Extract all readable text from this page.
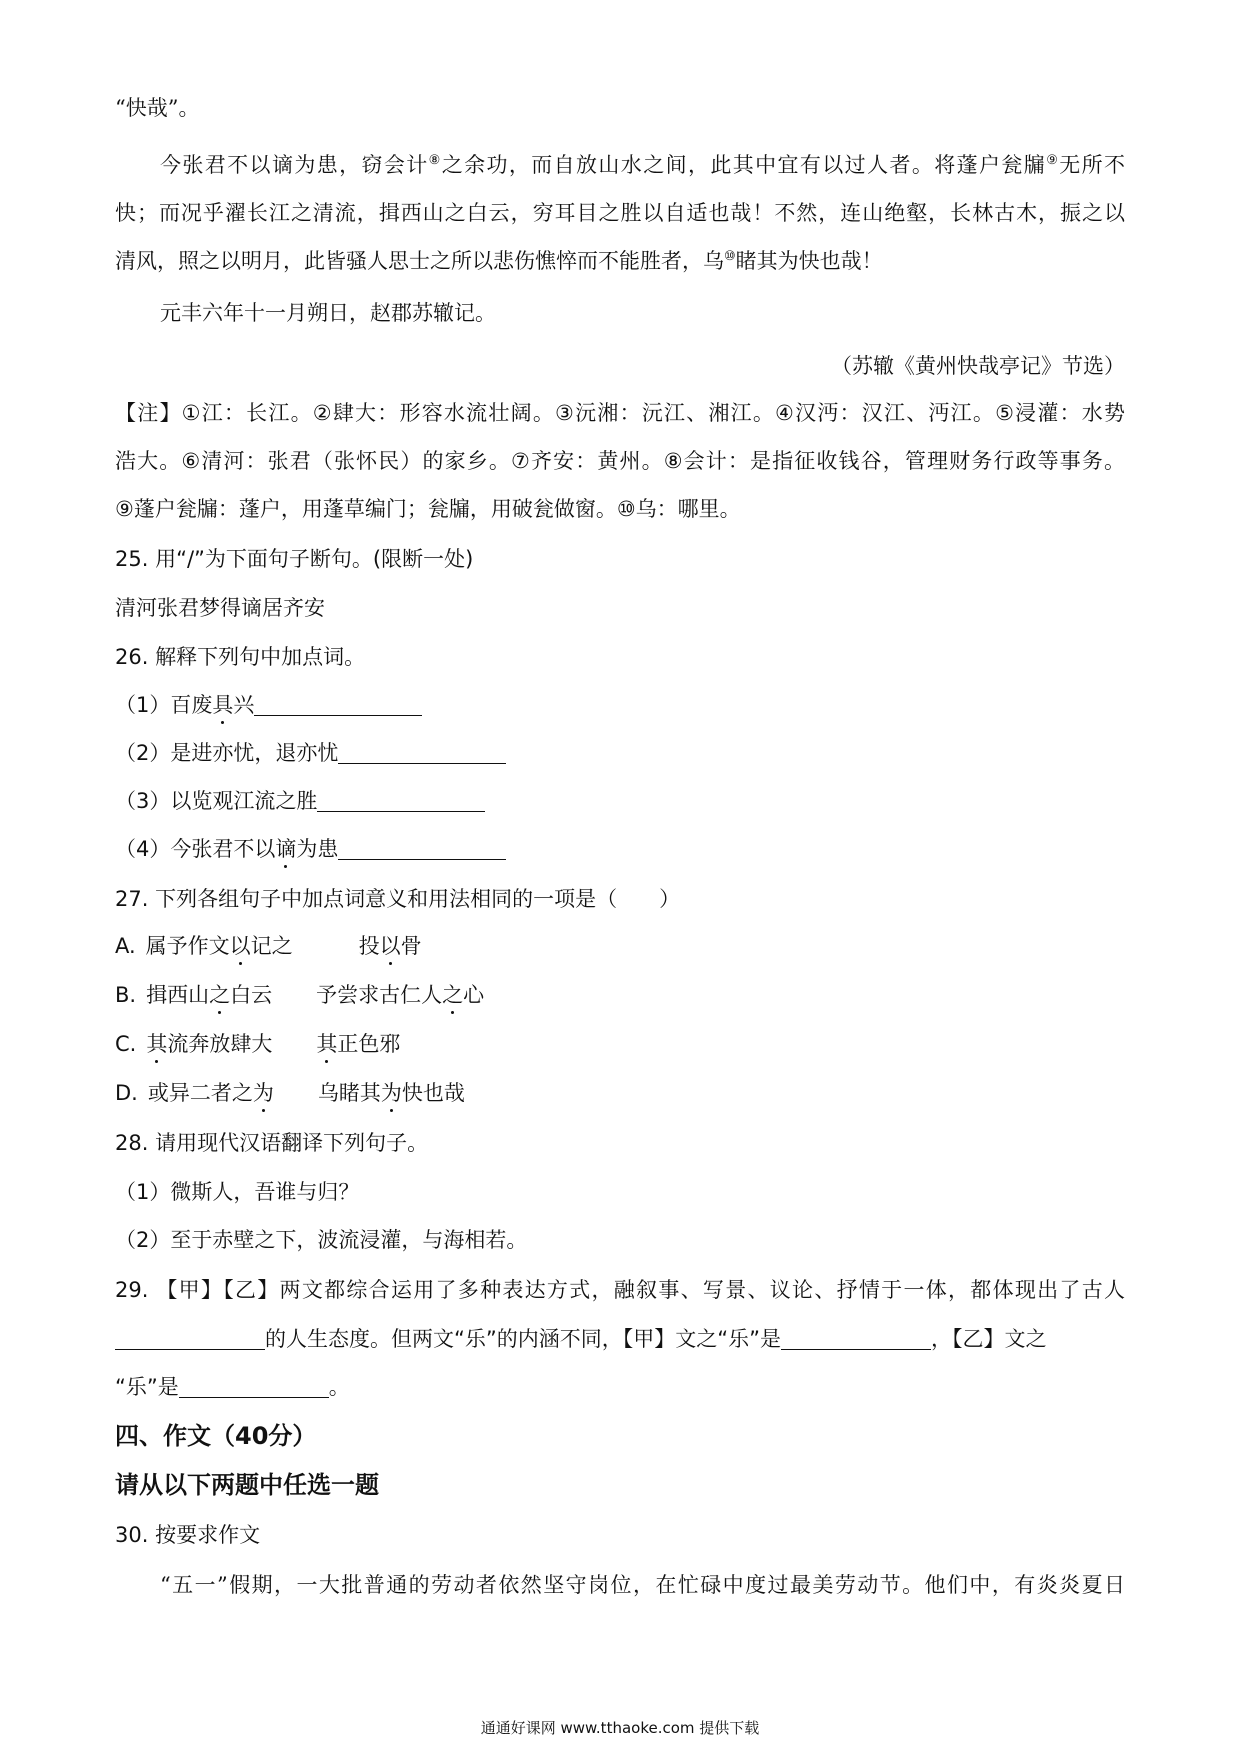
“快哉”。
今张君不以谪为患，窃会计⑧之余功，而自放山水之间，此其中宜有以过人者。将蓬户瓮牖⑨无所不
快；而况乎濯长江之清流，揖西山之白云，穷耳目之胜以自适也哉！不然，连山绝壑，长林古木，振之以
清风，照之以明月，此皆骚人思士之所以悲伤憔悴而不能胜者，乌⑩睹其为快也哉！
元丰六年十一月朔日，赵郡苏辙记。
（苏辙《黄州快哉亭记》节选）
【注】①江：长江。②肆大：形容水流壮阔。③沅湘：沅江、湘江。④汉沔：汉江、沔江。⑤浸灌：水势
浩大。⑥清河：张君（张怀民）的家乡。⑦齐安：黄州。⑧会计：是指征收钱谷，管理财务行政等事务。
⑨蓬户瓮牖：蓬户，用蓬草编门；瓮牖，用破瓮做窗。⑩乌：哪里。
25. 用“/”为下面句子断句。(限断一处)
清河张君梦得谪居齐安
26. 解释下列句中加点词。
（1）百废具兴
（2）是进亦忧，退亦忧
（3）以览观江流之胜
（4）今张君不以谪为患
27. 下列各组句子中加点词意义和用法相同的一项是（　　）
A. 属予作文以记之	投以骨
B. 揖西山之白云 予尝求古仁人之心
C. 其流奔放肆大 其正色邪
D. 或异二者之为 乌睹其为快也哉
28. 请用现代汉语翻译下列句子。
（1）微斯人，吾谁与归？
（2）至于赤壁之下，波流浸灌，与海相若。
29. 【甲】【乙】两文都综合运用了多种表达方式，融叙事、写景、议论、抒情于一体，都体现出了古人
的人生态度。但两文“乐”的内涵不同，【甲】文之“乐”是	，【乙】文之
“乐”是	。
四、作文（40分）
请从以下两题中任选一题
30. 按要求作文
“五一”假期，一大批普通的劳动者依然坚守岗位，在忙碌中度过最美劳动节。他们中，有炎炎夏日
通通好课网 www.tthaoke.com 提供下载
